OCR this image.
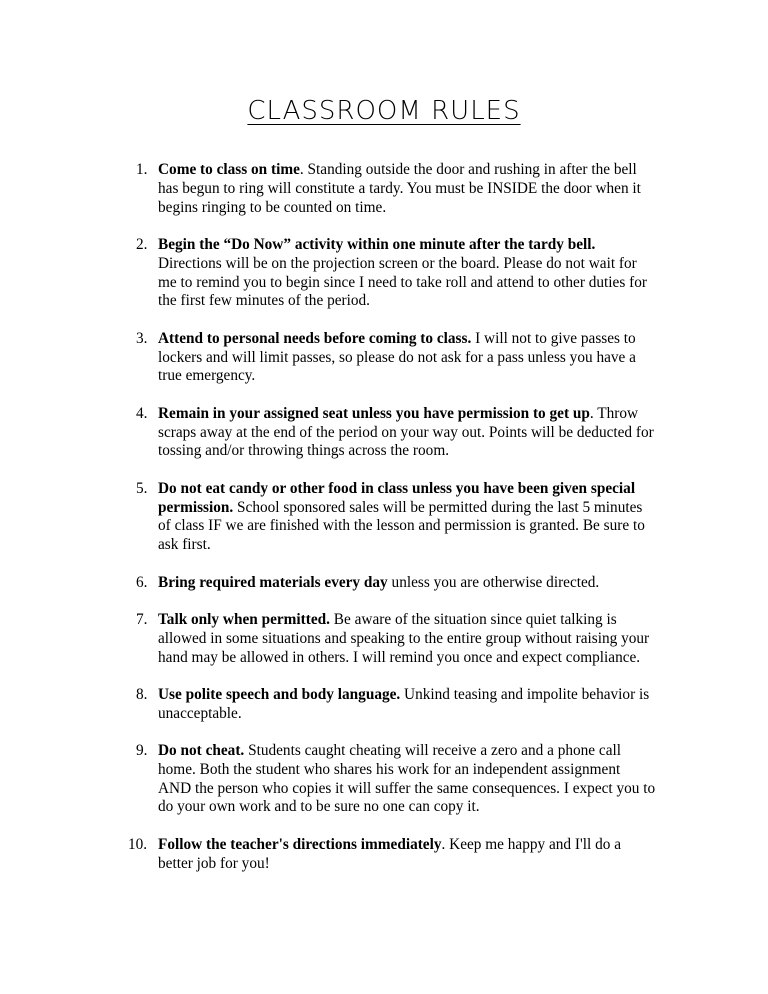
CLASSROOM RULES
1. Come to class on time. Standing outside the door and rushing in after the bell has begun to ring will constitute a tardy. You must be INSIDE the door when it begins ringing to be counted on time.
2. Begin the “Do Now” activity within one minute after the tardy bell. Directions will be on the projection screen or the board. Please do not wait for me to remind you to begin since I need to take roll and attend to other duties for the first few minutes of the period.
3. Attend to personal needs before coming to class. I will not to give passes to lockers and will limit passes, so please do not ask for a pass unless you have a true emergency.
4. Remain in your assigned seat unless you have permission to get up. Throw scraps away at the end of the period on your way out. Points will be deducted for tossing and/or throwing things across the room.
5. Do not eat candy or other food in class unless you have been given special permission. School sponsored sales will be permitted during the last 5 minutes of class IF we are finished with the lesson and permission is granted. Be sure to ask first.
6. Bring required materials every day unless you are otherwise directed.
7. Talk only when permitted. Be aware of the situation since quiet talking is allowed in some situations and speaking to the entire group without raising your hand may be allowed in others. I will remind you once and expect compliance.
8. Use polite speech and body language. Unkind teasing and impolite behavior is unacceptable.
9. Do not cheat. Students caught cheating will receive a zero and a phone call home. Both the student who shares his work for an independent assignment AND the person who copies it will suffer the same consequences. I expect you to do your own work and to be sure no one can copy it.
10. Follow the teacher's directions immediately. Keep me happy and I'll do a better job for you!
